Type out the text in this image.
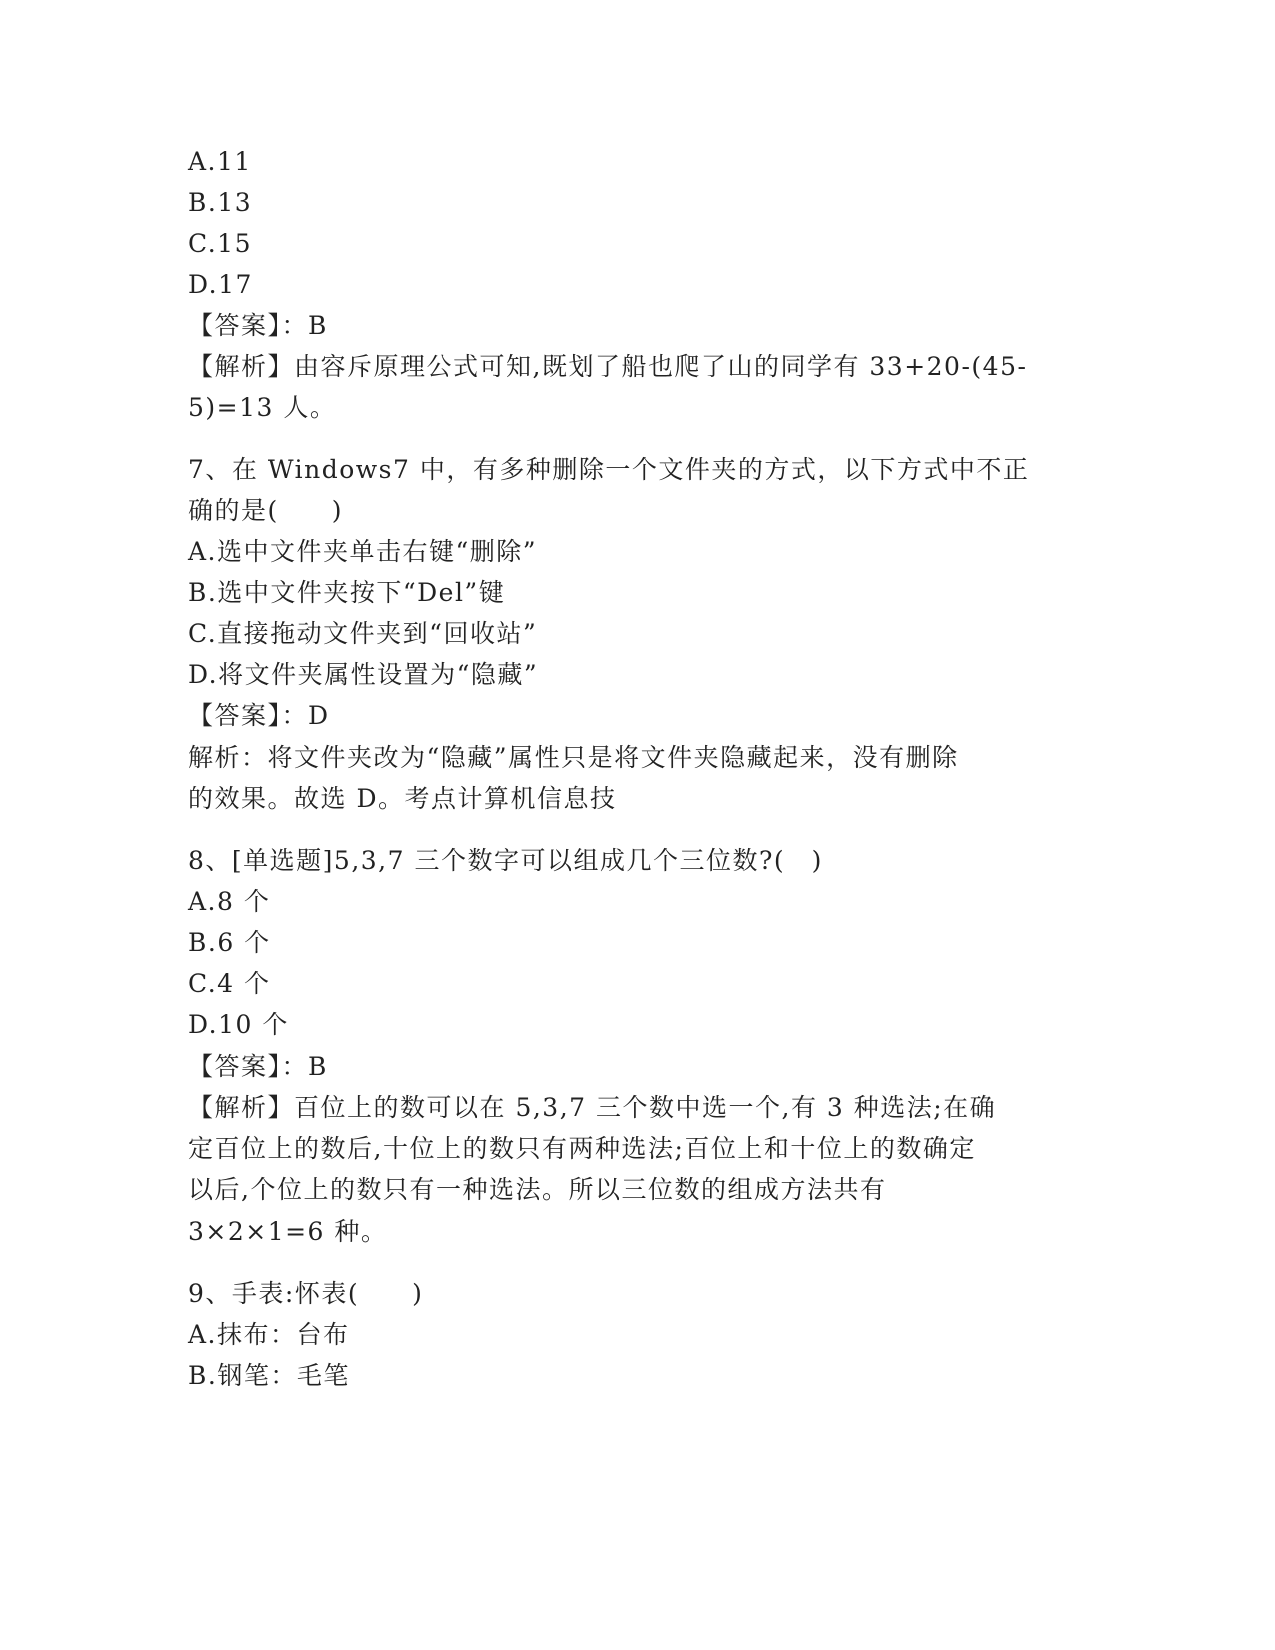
A.11
B.13
C.15
D.17
【答案】：B
【解析】由容斥原理公式可知,既划了船也爬了山的同学有 33+20-(45-
5)=13 人。
7、在 Windows7 中，有多种删除一个文件夹的方式，以下方式中不正
确的是(　　)
A.选中文件夹单击右键“删除”
B.选中文件夹按下“Del”键
C.直接拖动文件夹到“回收站”
D.将文件夹属性设置为“隐藏”
【答案】：D
解析：将文件夹改为“隐藏”属性只是将文件夹隐藏起来，没有删除
的效果。故选 D。考点计算机信息技
8、[单选题]5,3,7 三个数字可以组成几个三位数?(　)
A.8 个
B.6 个
C.4 个
D.10 个
【答案】：B
【解析】百位上的数可以在 5,3,7 三个数中选一个,有 3 种选法;在确
定百位上的数后,十位上的数只有两种选法;百位上和十位上的数确定
以后,个位上的数只有一种选法。所以三位数的组成方法共有
3×2×1=6 种。
9、手表:怀表(　　)
A.抹布：台布
B.钢笔：毛笔
